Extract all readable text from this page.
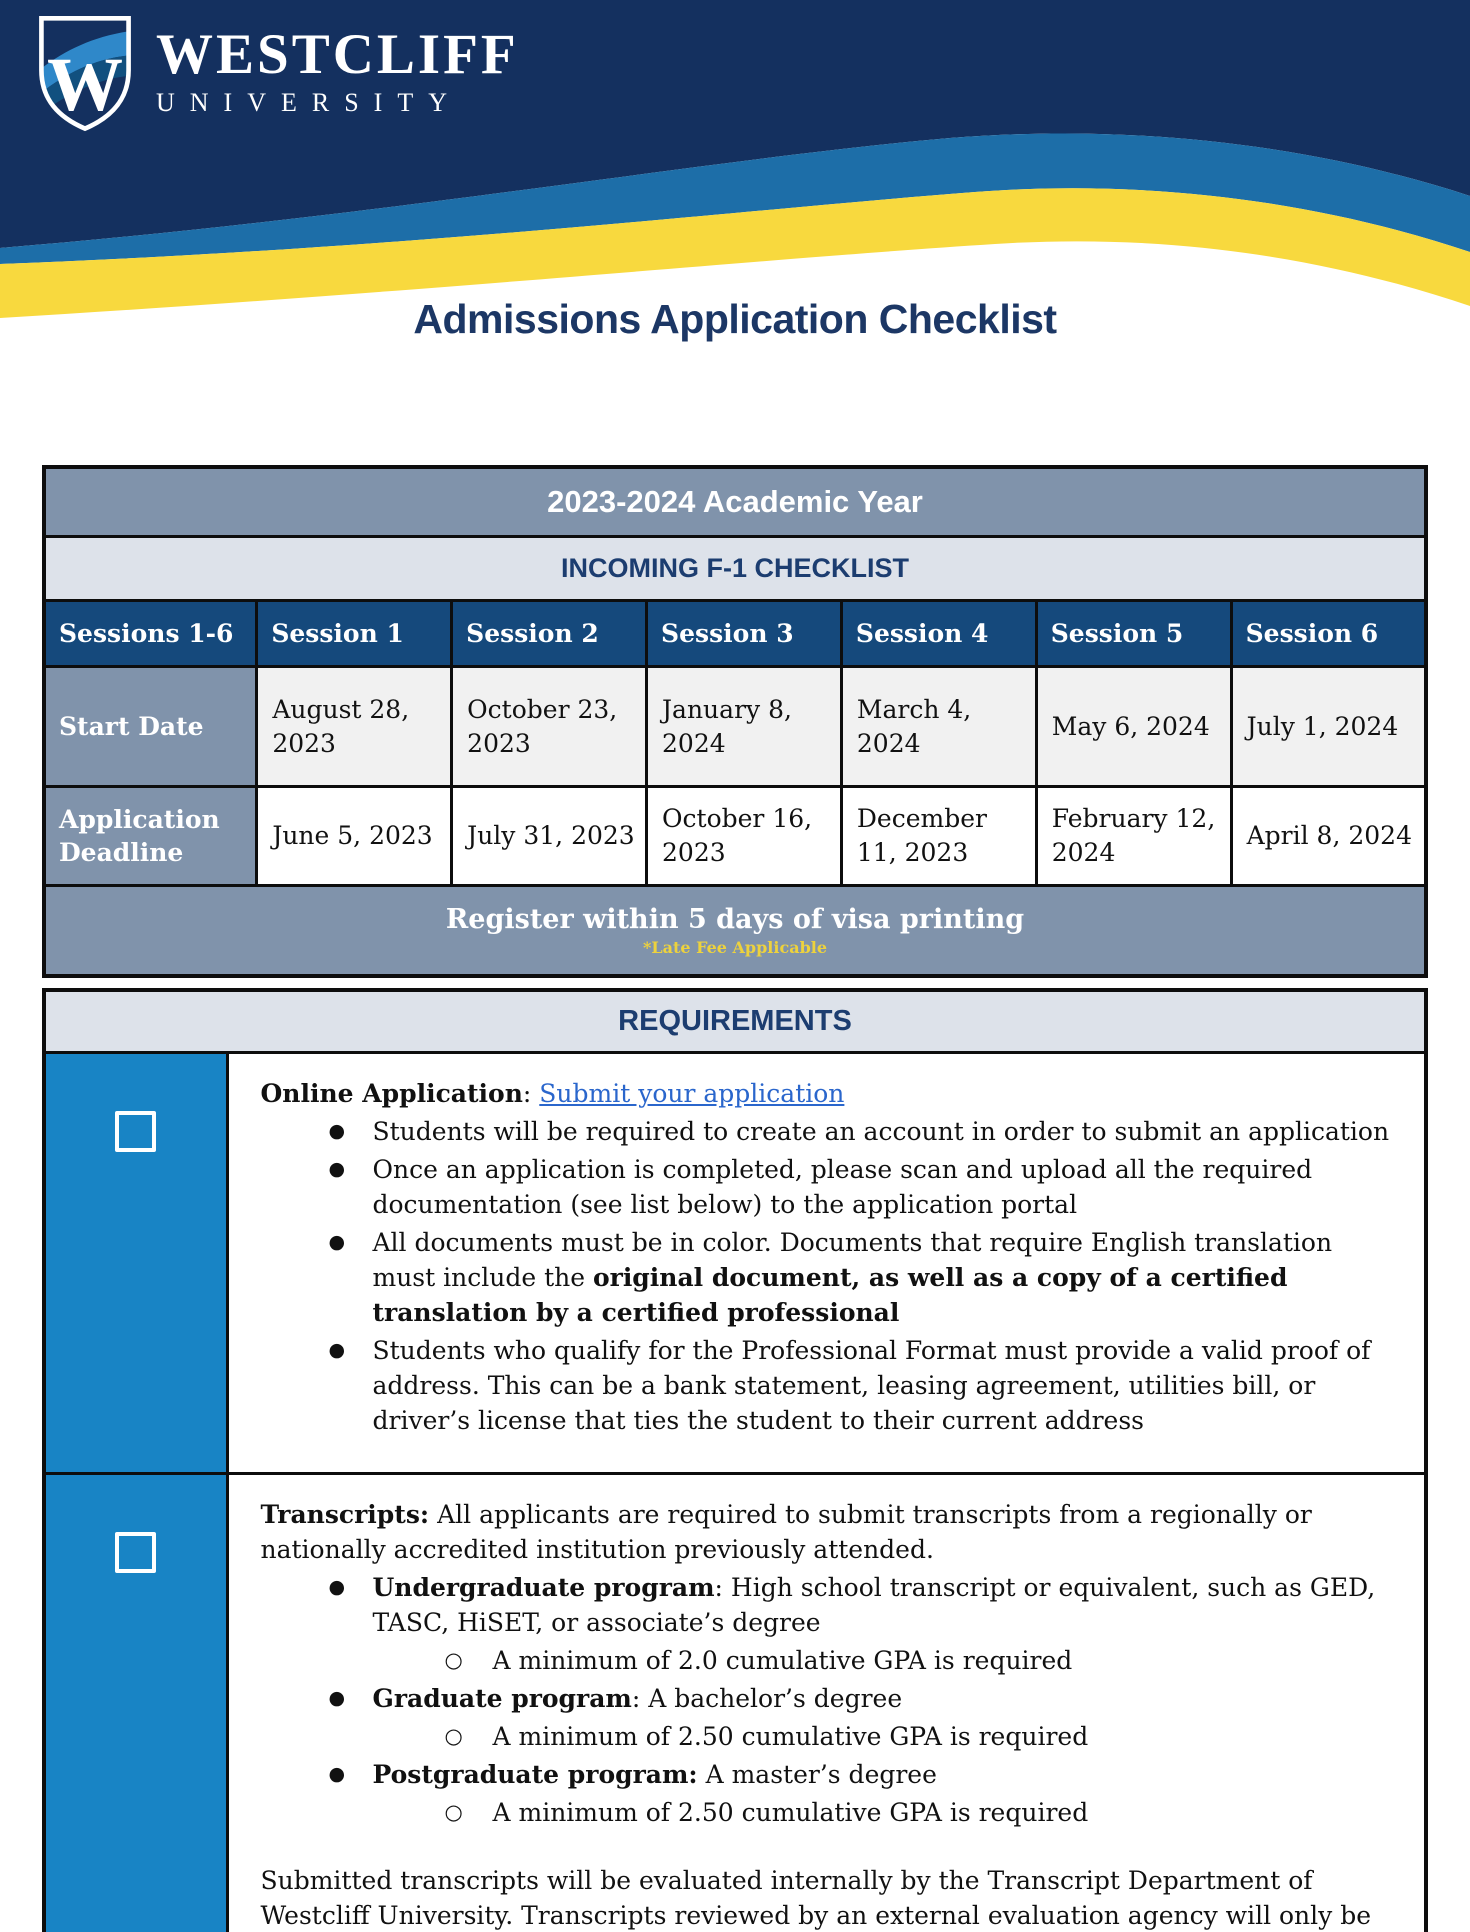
W WESTCLIFF
UNIVERSITY
Admissions Application Checklist
2023-2024 Academic Year						
INCOMING F-1 CHECKLIST						
Sessions 1-6	Session 1	Session 2	Session 3	Session 4	Session 5	Session 6
Start Date	August 28, 2023	October 23, 2023	January 8, 2024	March 4, 2024	May 6, 2024	July 1, 2024
Application Deadline	June 5, 2023	July 31, 2023	October 16, 2023	December 11, 2023	February 12, 2024	April 8, 2024

Register within 5 days of visa printing
*Late Fee Applicable						
REQUIREMENTS	

Online Application: Submit your application

●	Students will be required to create an account in order to submit an application
●	Once an application is completed, please scan and upload all the required documentation (see list below) to the application portal
●	All documents must be in color. Documents that require English translation must include the original document, as well as a copy of a certified translation by a certified professional
●	Students who qualify for the Professional Format must provide a valid proof of address. This can be a bank statement, leasing agreement, utilities bill, or driver’s license that ties the student to their current address

Transcripts: All applicants are required to submit transcripts from a regionally or nationally accredited institution previously attended.

●	Undergraduate program: High school transcript or equivalent, such as GED, TASC, HiSET, or associate’s degree
○	A minimum of 2.0 cumulative GPA is required
●	Graduate program: A bachelor’s degree
○	A minimum of 2.50 cumulative GPA is required
●	Postgraduate program: A master’s degree
○	A minimum of 2.50 cumulative GPA is required

Submitted transcripts will be evaluated internally by the Transcript Department of Westcliff University. Transcripts reviewed by an external evaluation agency will only be
